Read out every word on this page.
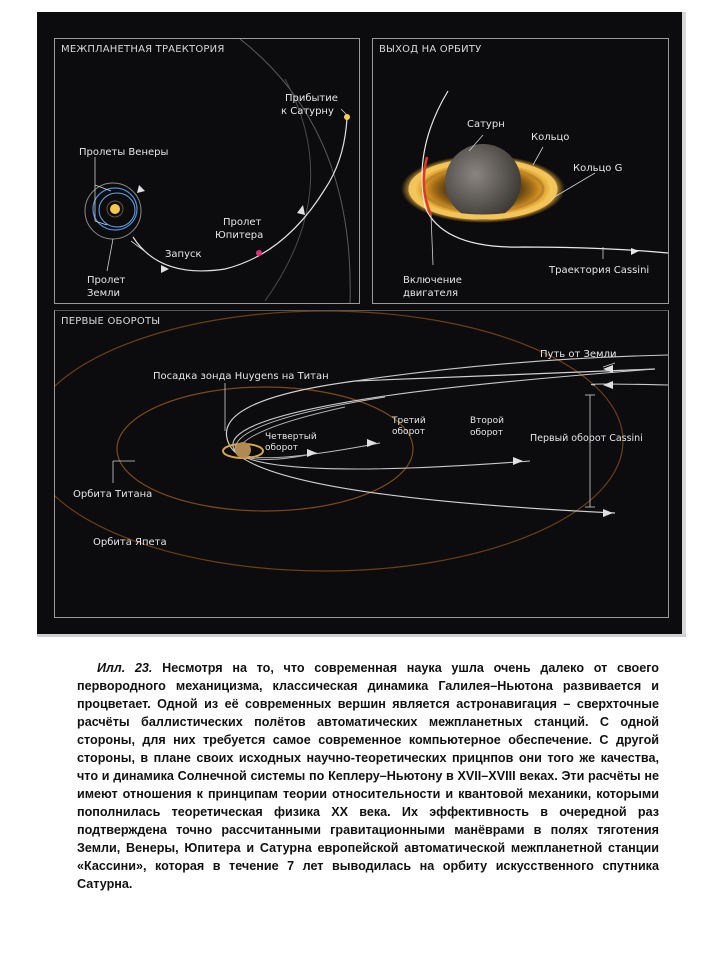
МЕЖПЛАНЕТНАЯ ТРАЕКТОРИЯ
Прибытие
к Сатурну
Пролеты Венеры
Пролет
Юпитера
Запуск
Пролет
Земли
ВЫХОД НА ОРБИТУ
Сатурн
Кольцо
Кольцо G
Включение
двигателя
Траектория Cassini
ПЕРВЫЕ ОБОРОТЫ
Посадка зонда Huygens на Титан
Путь от Земли
Третий
оборот
Второй
оборот
Четвертый
оборот
Первый оборот Cassini
Орбита Титана
Орбита Япета
Илл. 23. Несмотря на то, что современная наука ушла очень далеко от своего первородного механицизма, классическая динамика Галилея–Ньютона развивается и процветает. Одной из её современных вершин является астронавигация – сверхточные расчёты баллистических полётов автоматических межпланетных станций. С одной стороны, для них требуется самое современное компьютерное обеспечение. С другой стороны, в плане своих исходных научно-теоретических прицнпов они того же качества, что и динамика Солнечной системы по Кеплеру–Ньютону в XVII–XVIII веках. Эти расчёты не имеют отношения к принципам теории относительности и квантовой механики, которыми пополнилась теоретическая физика XX века. Их эффективность в очередной раз подтверждена точно рассчитанными гравитационными манёврами в полях тяготения Земли, Венеры, Юпитера и Сатурна европейской автоматической межпланетной станции «Кассини», которая в течение 7 лет выводилась на орбиту искусственного спутника Сатурна.
